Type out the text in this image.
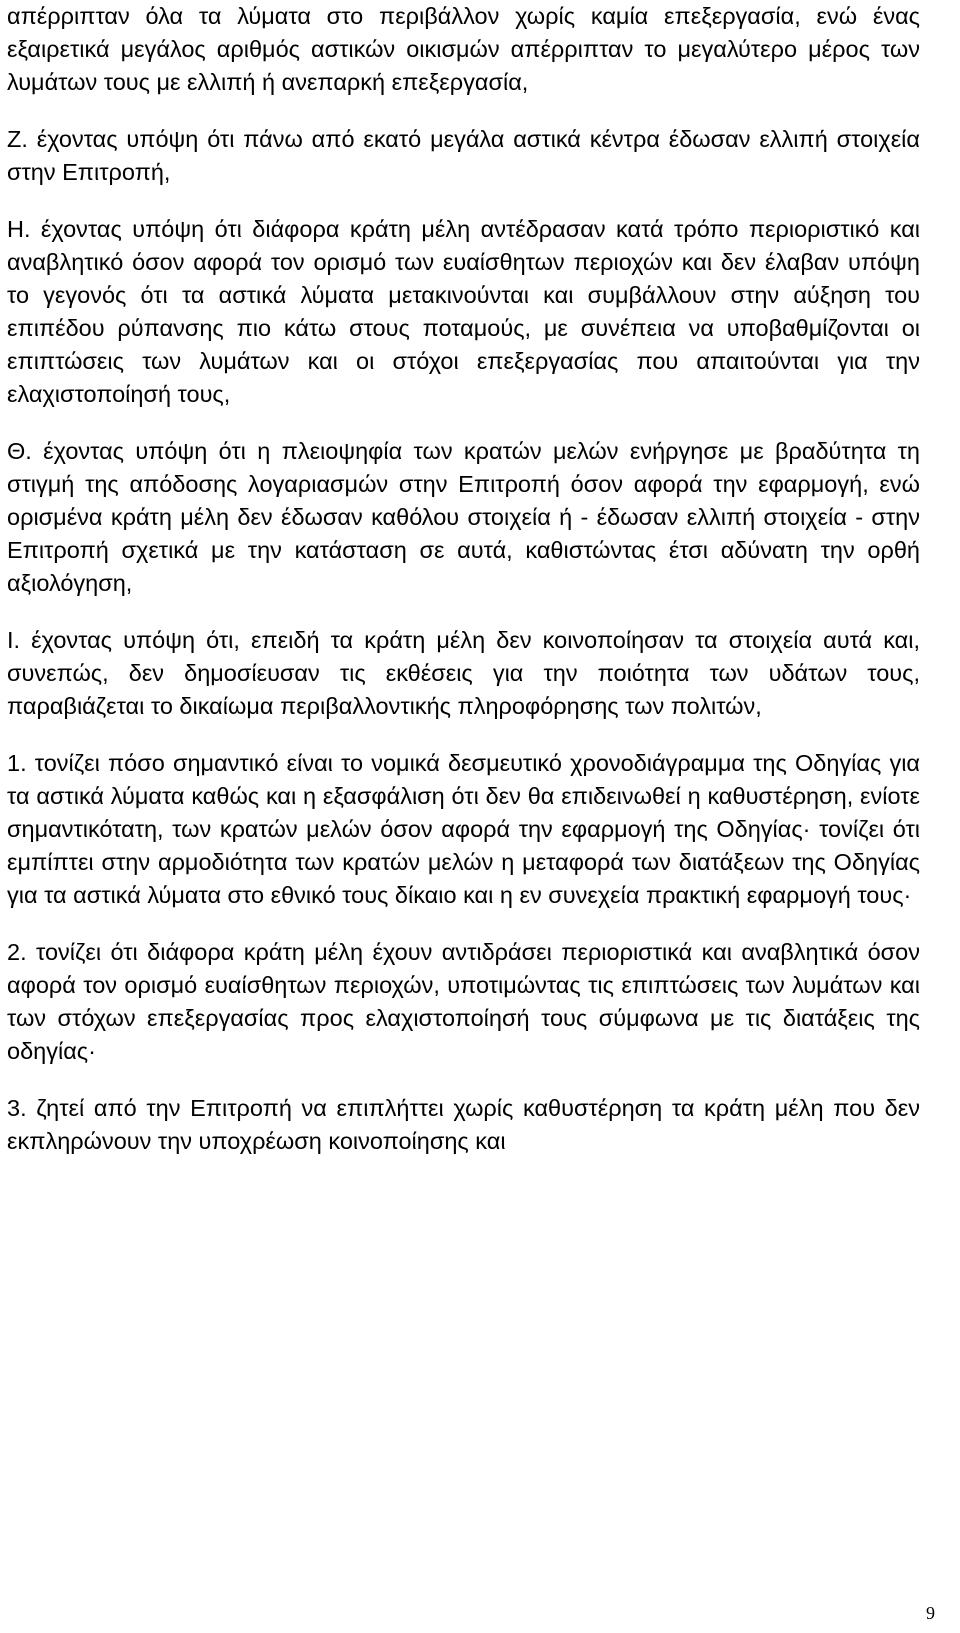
απέρριπταν όλα τα λύματα στο περιβάλλον χωρίς καμία επεξεργασία, ενώ ένας εξαιρετικά μεγάλος αριθμός αστικών οικισμών απέρριπταν το μεγαλύτερο μέρος των λυμάτων τους με ελλιπή ή ανεπαρκή επεξεργασία,

Ζ. έχοντας υπόψη ότι πάνω από εκατό μεγάλα αστικά κέντρα έδωσαν ελλιπή στοιχεία στην Επιτροπή,

Η. έχοντας υπόψη ότι διάφορα κράτη μέλη αντέδρασαν κατά τρόπο περιοριστικό και αναβλητικό όσον αφορά τον ορισμό των ευαίσθητων περιοχών και δεν έλαβαν υπόψη το γεγονός ότι τα αστικά λύματα μετακινούνται και συμβάλλουν στην αύξηση του επιπέδου ρύπανσης πιο κάτω στους ποταμούς, με συνέπεια να υποβαθμίζονται οι επιπτώσεις των λυμάτων και οι στόχοι επεξεργασίας που απαιτούνται για την ελαχιστοποίησή τους,

Θ. έχοντας υπόψη ότι η πλειοψηφία των κρατών μελών ενήργησε με βραδύτητα τη στιγμή της απόδοσης λογαριασμών στην Επιτροπή όσον αφορά την εφαρμογή, ενώ ορισμένα κράτη μέλη δεν έδωσαν καθόλου στοιχεία ή - έδωσαν ελλιπή στοιχεία - στην Επιτροπή σχετικά με την κατάσταση σε αυτά, καθιστώντας έτσι αδύνατη την ορθή αξιολόγηση,

Ι. έχοντας υπόψη ότι, επειδή τα κράτη μέλη δεν κοινοποίησαν τα στοιχεία αυτά και, συνεπώς, δεν δημοσίευσαν τις εκθέσεις για την ποιότητα των υδάτων τους, παραβιάζεται το δικαίωμα περιβαλλοντικής πληροφόρησης των πολιτών,

1. τονίζει πόσο σημαντικό είναι το νομικά δεσμευτικό χρονοδιάγραμμα της Οδηγίας για τα αστικά λύματα καθώς και η εξασφάλιση ότι δεν θα επιδεινωθεί η καθυστέρηση, ενίοτε σημαντικότατη, των κρατών μελών όσον αφορά την εφαρμογή της Οδηγίας· τονίζει ότι εμπίπτει στην αρμοδιότητα των κρατών μελών η μεταφορά των διατάξεων της Οδηγίας για τα αστικά λύματα στο εθνικό τους δίκαιο και η εν συνεχεία πρακτική εφαρμογή τους·

2. τονίζει ότι διάφορα κράτη μέλη έχουν αντιδράσει περιοριστικά και αναβλητικά όσον αφορά τον ορισμό ευαίσθητων περιοχών, υποτιμώντας τις επιπτώσεις των λυμάτων και των στόχων επεξεργασίας προς ελαχιστοποίησή τους σύμφωνα με τις διατάξεις της οδηγίας·

3. ζητεί από την Επιτροπή να επιπλήττει χωρίς καθυστέρηση τα κράτη μέλη που δεν εκπληρώνουν την υποχρέωση κοινοποίησης και

9
